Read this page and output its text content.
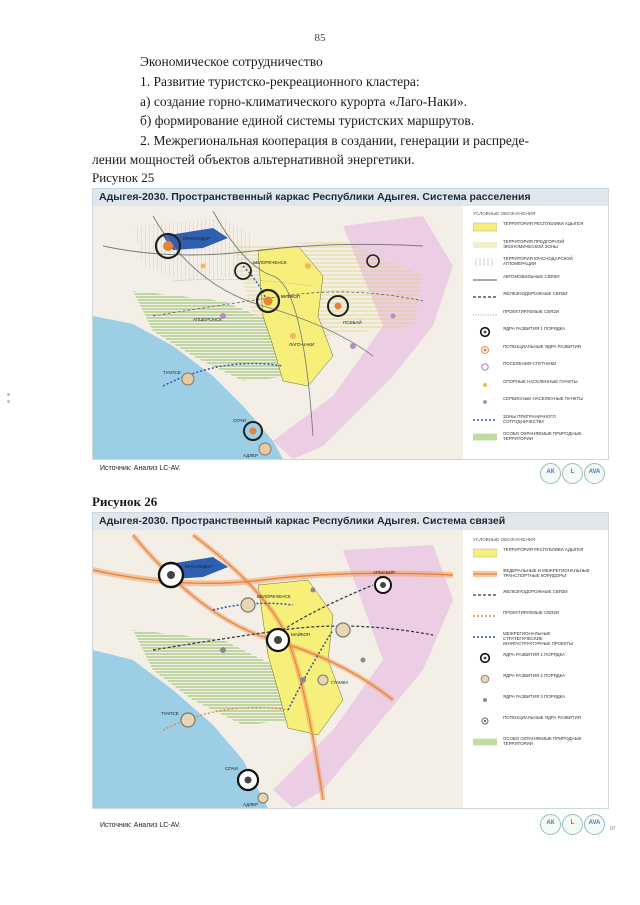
85
Экономическое сотрудничество
1. Развитие туристско-рекреационного кластера:
а) создание горно-климатического курорта «Лаго-Наки».
б) формирование единой системы туристских маршрутов.
2. Межрегиональная кооперация в создании, генерации и распреде-
лении мощностей объектов альтернативной энергетики.
Рисунок 25
Адыгея-2030. Пространственный каркас Республики Адыгея. Система расселения
КРАСНОДАР
ПСЕБАЙ
АПШЕРОНСК
ТУАПСЕ
СОЧИ
АДЛЕР
БЕЛОРЕЧЕНСК
МАЙКОП
ЛАГО-НАКИ
УСЛОВНЫЕ ОБОЗНАЧЕНИЯ
ТЕРРИТОРИЯ РЕСПУБЛИКИ АДЫГЕЯ
ТЕРРИТОРИЯ ПРЕДГОРНОЙ ЭКОНОМИЧЕСКОЙ ЗОНЫ
ТЕРРИТОРИЯ КРАСНОДАРСКОЙ АГЛОМЕРАЦИИ
АВТОМОБИЛЬНЫЕ СВЯЗИ
ЖЕЛЕЗНОДОРОЖНЫЕ СВЯЗИ
ПРОЕКТИРУЕМЫЕ СВЯЗИ
ЯДРА РАЗВИТИЯ 1 ПОРЯДКА
ПОТЕНЦИАЛЬНЫЕ ЯДРА РАЗВИТИЯ
ПОСЕЛЕНИЯ-СПУТНИКИ
ОПОРНЫЕ НАСЕЛЕННЫЕ ПУНКТЫ
СЕРВИСНЫЕ НАСЕЛЕННЫЕ ПУНКТЫ
ЗОНЫ ПРИГРАНИЧНОГО СОТРУДНИЧЕСТВА
ОСОБО ОХРАНЯЕМЫЕ ПРИРОДНЫЕ ТЕРРИТОРИИ
Источник: Анализ LC-AV.	АК	L	AVA
Рисунок 26
Адыгея-2030. Пространственный каркас Республики Адыгея. Система связей
КРАСНОДАР
АРМАВИР
ТУАПСЕ
СОЧИ
АДЛЕР
МАЙКОП
БЕЛОРЕЧЕНСК
ГУАМКА
УСЛОВНЫЕ ОБОЗНАЧЕНИЯ
ТЕРРИТОРИЯ РЕСПУБЛИКИ АДЫГЕЯ
ФЕДЕРАЛЬНЫЕ И МЕЖРЕГИОНАЛЬНЫЕ ТРАНСПОРТНЫЕ КОРИДОРЫ
ЖЕЛЕЗНОДОРОЖНЫЕ СВЯЗИ
ПРОЕКТИРУЕМЫЕ СВЯЗИ
МЕЖРЕГИОНАЛЬНЫЕ СТРАТЕГИЧЕСКИЕ ИНФРАСТРУКТУРНЫЕ ПРОЕКТЫ
ЯДРА РАЗВИТИЯ 1 ПОРЯДКА
ЯДРА РАЗВИТИЯ 2 ПОРЯДКА
ЯДРА РАЗВИТИЯ 3 ПОРЯДКА
ПОТЕНЦИАЛЬНЫЕ ЯДРА РАЗВИТИЯ
ОСОБО ОХРАНЯЕМЫЕ ПРИРОДНЫЕ ТЕРРИТОРИИ
Источник: Анализ LC-AV.	АК	L	AVA
97
